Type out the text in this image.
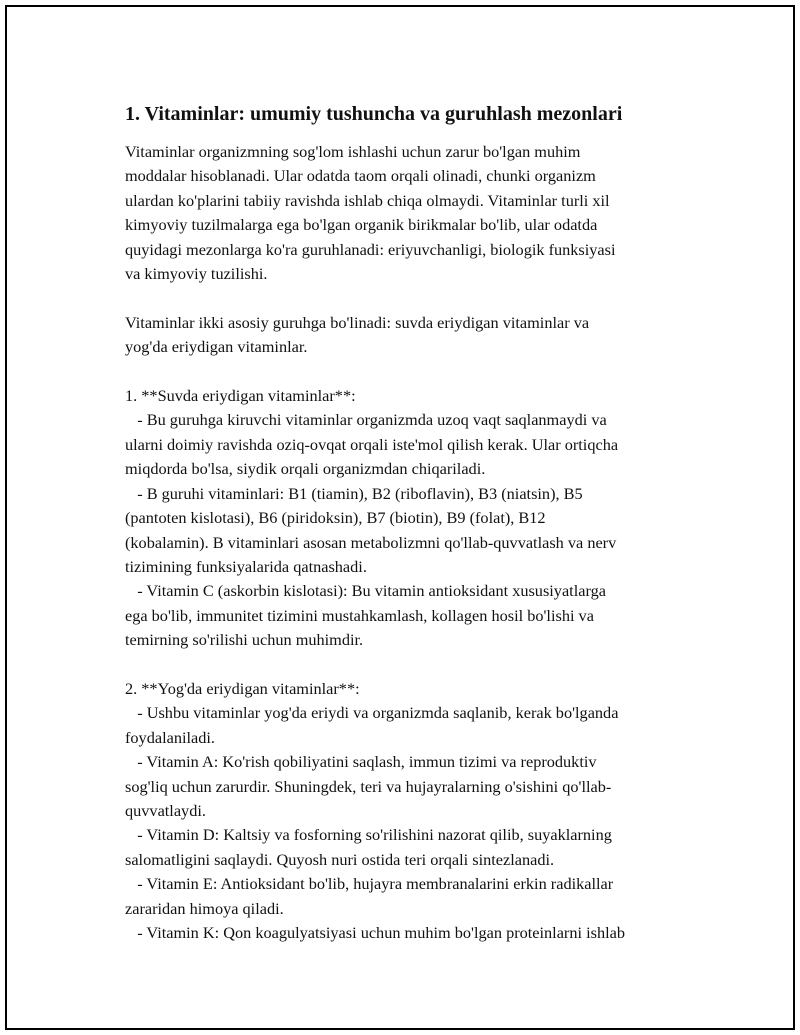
1. Vitaminlar: umumiy tushuncha va guruhlash mezonlari

Vitaminlar organizmning sog'lom ishlashi uchun zarur bo'lgan muhim
moddalar hisoblanadi. Ular odatda taom orqali olinadi, chunki organizm
ulardan ko'plarini tabiiy ravishda ishlab chiqa olmaydi. Vitaminlar turli xil
kimyoviy tuzilmalarga ega bo'lgan organik birikmalar bo'lib, ular odatda
quyidagi mezonlarga ko'ra guruhlanadi: eriyuvchanligi, biologik funksiyasi
va kimyoviy tuzilishi.

Vitaminlar ikki asosiy guruhga bo'linadi: suvda eriydigan vitaminlar va
yog'da eriydigan vitaminlar.

1. **Suvda eriydigan vitaminlar**:
- Bu guruhga kiruvchi vitaminlar organizmda uzoq vaqt saqlanmaydi va
ularni doimiy ravishda oziq-ovqat orqali iste'mol qilish kerak. Ular ortiqcha
miqdorda bo'lsa, siydik orqali organizmdan chiqariladi.
- B guruhi vitaminlari: B1 (tiamin), B2 (riboflavin), B3 (niatsin), B5
(pantoten kislotasi), B6 (piridoksin), B7 (biotin), B9 (folat), B12
(kobalamin). B vitaminlari asosan metabolizmni qo'llab-quvvatlash va nerv
tizimining funksiyalarida qatnashadi.
- Vitamin C (askorbin kislotasi): Bu vitamin antioksidant xususiyatlarga
ega bo'lib, immunitet tizimini mustahkamlash, kollagen hosil bo'lishi va
temirning so'rilishi uchun muhimdir.

2. **Yog'da eriydigan vitaminlar**:
- Ushbu vitaminlar yog'da eriydi va organizmda saqlanib, kerak bo'lganda
foydalaniladi.
- Vitamin A: Ko'rish qobiliyatini saqlash, immun tizimi va reproduktiv
sog'liq uchun zarurdir. Shuningdek, teri va hujayralarning o'sishini qo'llab-
quvvatlaydi.
- Vitamin D: Kaltsiy va fosforning so'rilishini nazorat qilib, suyaklarning
salomatligini saqlaydi. Quyosh nuri ostida teri orqali sintezlanadi.
- Vitamin E: Antioksidant bo'lib, hujayra membranalarini erkin radikallar
zararidan himoya qiladi.
- Vitamin K: Qon koagulyatsiyasi uchun muhim bo'lgan proteinlarni ishlab
